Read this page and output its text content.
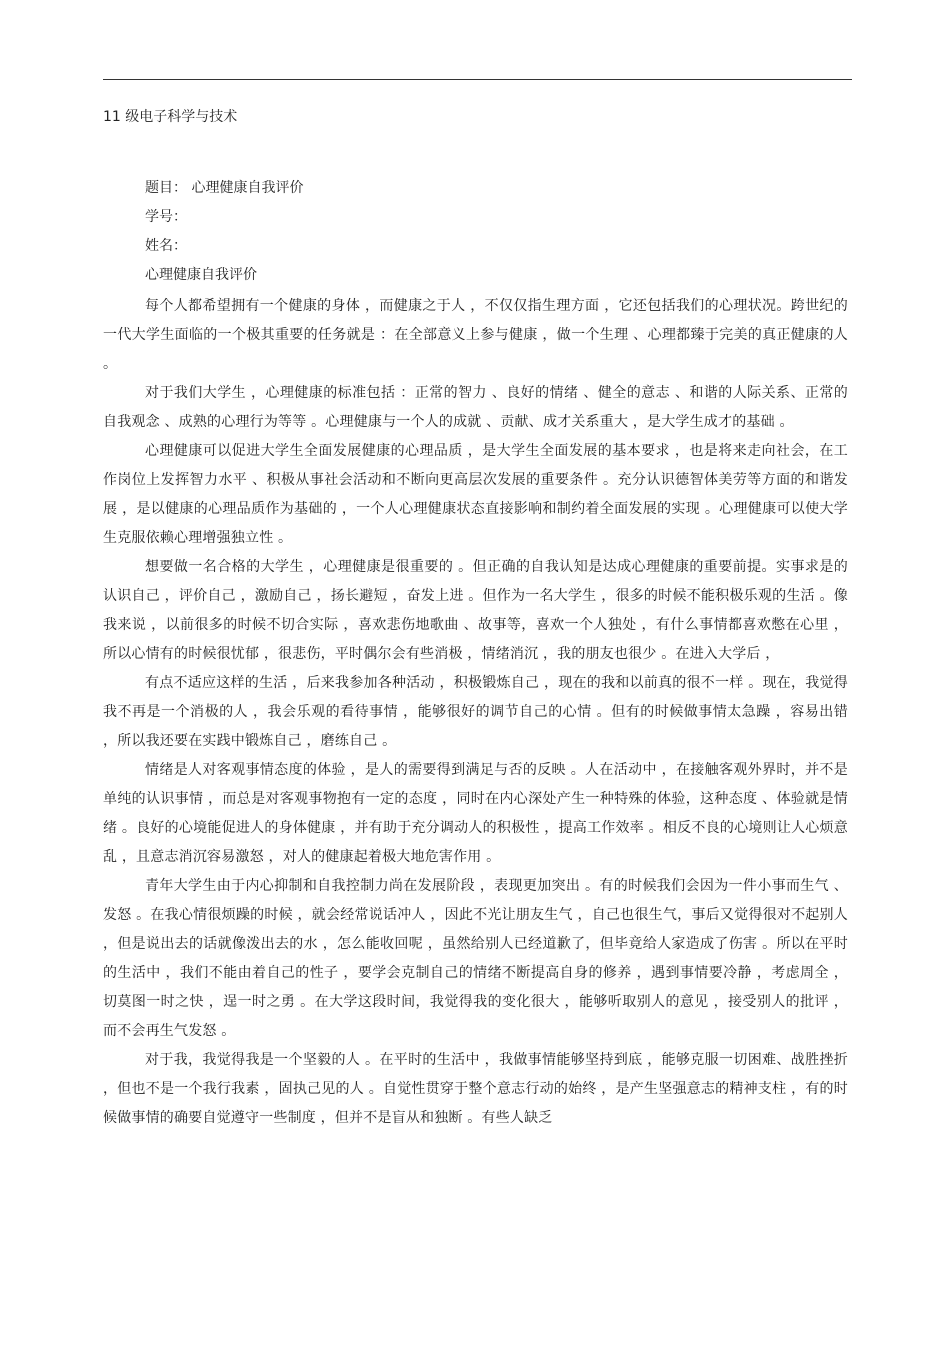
11 级电子科学与技术
题目： 心理健康自我评价
学号：
姓名：
心理健康自我评价

每个人都希望拥有一个健康的身体 ，而健康之于人 ，不仅仅指生理方面 ，它还包括我们的心理状况。跨世纪的一代大学生面临的一个极其重要的任务就是 ：在全部意义上参与健康 ，做一个生理 、心理都臻于完美的真正健康的人 。

对于我们大学生 ，心理健康的标准包括 ：正常的智力 、良好的情绪 、健全的意志 、和谐的人际关系、正常的自我观念 、成熟的心理行为等等 。心理健康与一个人的成就 、贡献、成才关系重大 ，是大学生成才的基础 。

心理健康可以促进大学生全面发展健康的心理品质 ，是大学生全面发展的基本要求 ，也是将来走向社会，在工作岗位上发挥智力水平 、积极从事社会活动和不断向更高层次发展的重要条件 。充分认识德智体美劳等方面的和谐发展 ，是以健康的心理品质作为基础的 ，一个人心理健康状态直接影响和制约着全面发展的实现 。心理健康可以使大学生克服依赖心理增强独立性 。

想要做一名合格的大学生 ，心理健康是很重要的 。但正确的自我认知是达成心理健康的重要前提。实事求是的认识自己 ，评价自己 ，激励自己 ，扬长避短 ，奋发上进 。但作为一名大学生 ，很多的时候不能积极乐观的生活 。像我来说 ，以前很多的时候不切合实际 ，喜欢悲伤地歌曲 、故事等，喜欢一个人独处 ，有什么事情都喜欢憋在心里 ，所以心情有的时候很忧郁 ，很悲伤，平时偶尔会有些消极 ，情绪消沉 ，我的朋友也很少 。在进入大学后 ，

有点不适应这样的生活 ，后来我参加各种活动 ，积极锻炼自己 ，现在的我和以前真的很不一样 。现在，我觉得我不再是一个消极的人 ，我会乐观的看待事情 ，能够很好的调节自己的心情 。但有的时候做事情太急躁 ，容易出错 ，所以我还要在实践中锻炼自己 ，磨练自己 。

情绪是人对客观事情态度的体验 ，是人的需要得到满足与否的反映 。人在活动中 ，在接触客观外界时，并不是单纯的认识事情 ，而总是对客观事物抱有一定的态度 ，同时在内心深处产生一种特殊的体验，这种态度 、体验就是情绪 。良好的心境能促进人的身体健康 ，并有助于充分调动人的积极性 ，提高工作效率 。相反不良的心境则让人心烦意乱 ，且意志消沉容易激怒 ，对人的健康起着极大地危害作用 。

青年大学生由于内心抑制和自我控制力尚在发展阶段 ，表现更加突出 。有的时候我们会因为一件小事而生气 、发怒 。在我心情很烦躁的时候 ，就会经常说话冲人 ，因此不光让朋友生气 ，自己也很生气，事后又觉得很对不起别人 ，但是说出去的话就像泼出去的水 ，怎么能收回呢 ，虽然给别人已经道歉了，但毕竟给人家造成了伤害 。所以在平时的生活中 ，我们不能由着自己的性子 ，要学会克制自己的情绪不断提高自身的修养 ，遇到事情要冷静 ，考虑周全 ，切莫图一时之快 ，逞一时之勇 。在大学这段时间，我觉得我的变化很大 ，能够听取别人的意见 ，接受别人的批评 ，而不会再生气发怒 。

对于我，我觉得我是一个坚毅的人 。在平时的生活中 ，我做事情能够坚持到底 ，能够克服一切困难、战胜挫折 ，但也不是一个我行我素 ，固执己见的人 。自觉性贯穿于整个意志行动的始终 ，是产生坚强意志的精神支柱 ，有的时候做事情的确要自觉遵守一些制度 ，但并不是盲从和独断 。有些人缺乏
